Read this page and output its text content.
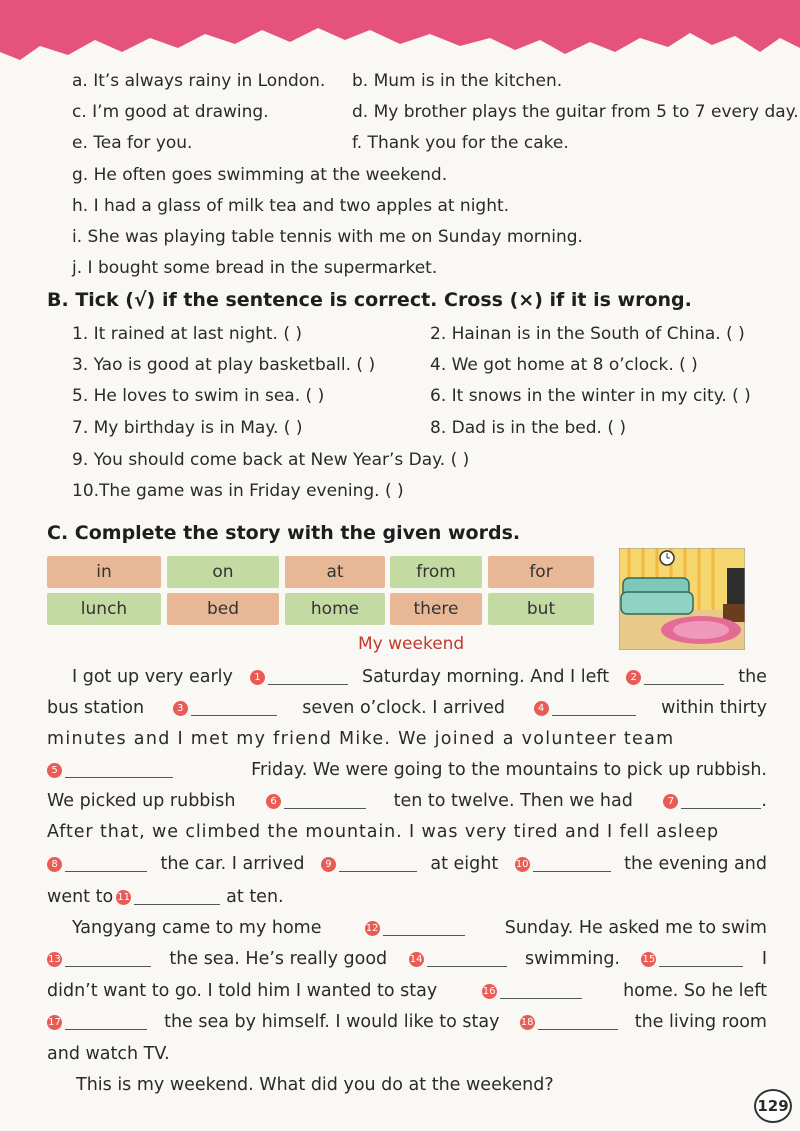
a. It’s always rainy in London. b. Mum is in the kitchen.
c. I’m good at drawing.	d. My brother plays the guitar from 5 to 7 every day.
e. Tea for you.	f. Thank you for the cake.
g. He often goes swimming at the weekend.
h. I had a glass of milk tea and two apples at night.
i. She was playing table tennis with me on Sunday morning.
j. I bought some bread in the supermarket.
B. Tick (√) if the sentence is correct. Cross (×) if it is wrong.
1. It rained at last night. ( )	2. Hainan is in the South of China. ( )
3. Yao is good at play basketball. ( )	4. We got home at 8 o’clock. ( )
5. He loves to swim in sea. ( )	6. It snows in the winter in my city. ( )
7. My birthday is in May. ( )	8. Dad is in the bed. ( )
9. You should come back at New Year’s Day. ( )
10.The game was in Friday evening. ( )
C. Complete the story with the given words.
in	on	at	from	for
lunch	bed	home	there	but
My weekend
I got up very early	1	Saturday morning. And I left	2	the
bus station	3	seven o’clock. I arrived	4	within thirty
minutes and I met my friend Mike. We joined a volunteer team
5	Friday. We were going to the mountains to pick up rubbish.
We picked up rubbish	6	ten to twelve. Then we had	7	.
After that, we climbed the mountain. I was very tired and I fell asleep
8	the car. I arrived	9	at eight	10	the evening and
went to 11	at ten.
Yangyang came to my home	12	Sunday. He asked me to swim
13	the sea. He’s really good	14	swimming.	15	I
didn’t want to go. I told him I wanted to stay	16	home. So he left
17	the sea by himself. I would like to stay	18	the living room
and watch TV.
This is my weekend. What did you do at the weekend?
129
